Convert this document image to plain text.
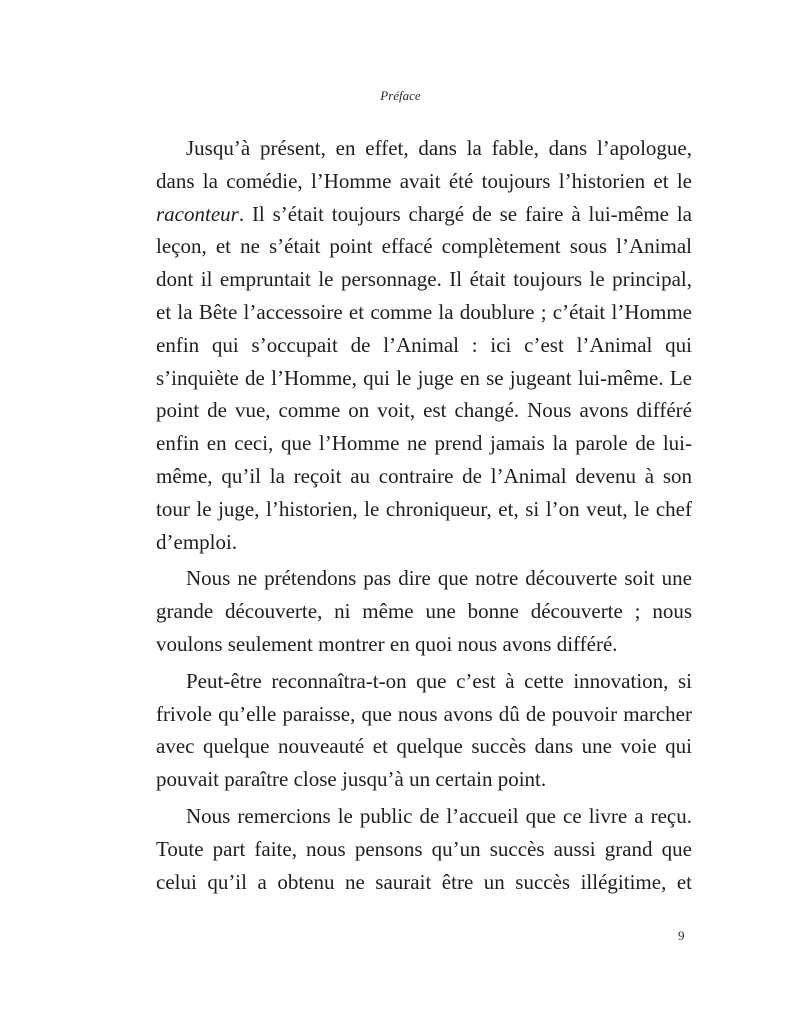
Préface

Jusqu’à présent, en effet, dans la fable, dans l’apologue, dans la comédie, l’Homme avait été toujours l’historien et le raconteur. Il s’était toujours chargé de se faire à lui-même la leçon, et ne s’était point effacé complètement sous l’Animal dont il empruntait le personnage. Il était toujours le principal, et la Bête l’accessoire et comme la doublure ; c’était l’Homme enfin qui s’occupait de l’Animal : ici c’est l’Animal qui s’inquiète de l’Homme, qui le juge en se jugeant lui-même. Le point de vue, comme on voit, est changé. Nous avons différé enfin en ceci, que l’Homme ne prend jamais la parole de lui-même, qu’il la reçoit au contraire de l’Animal devenu à son tour le juge, l’historien, le chroniqueur, et, si l’on veut, le chef d’emploi.

Nous ne prétendons pas dire que notre découverte soit une grande découverte, ni même une bonne découverte ; nous voulons seulement montrer en quoi nous avons différé.

Peut-être reconnaîtra-t-on que c’est à cette innovation, si frivole qu’elle paraisse, que nous avons dû de pouvoir marcher avec quelque nouveauté et quelque succès dans une voie qui pouvait paraître close jusqu’à un certain point.

Nous remercions le public de l’accueil que ce livre a reçu. Toute part faite, nous pensons qu’un succès aussi grand que celui qu’il a obtenu ne saurait être un succès illégitime, et

9
